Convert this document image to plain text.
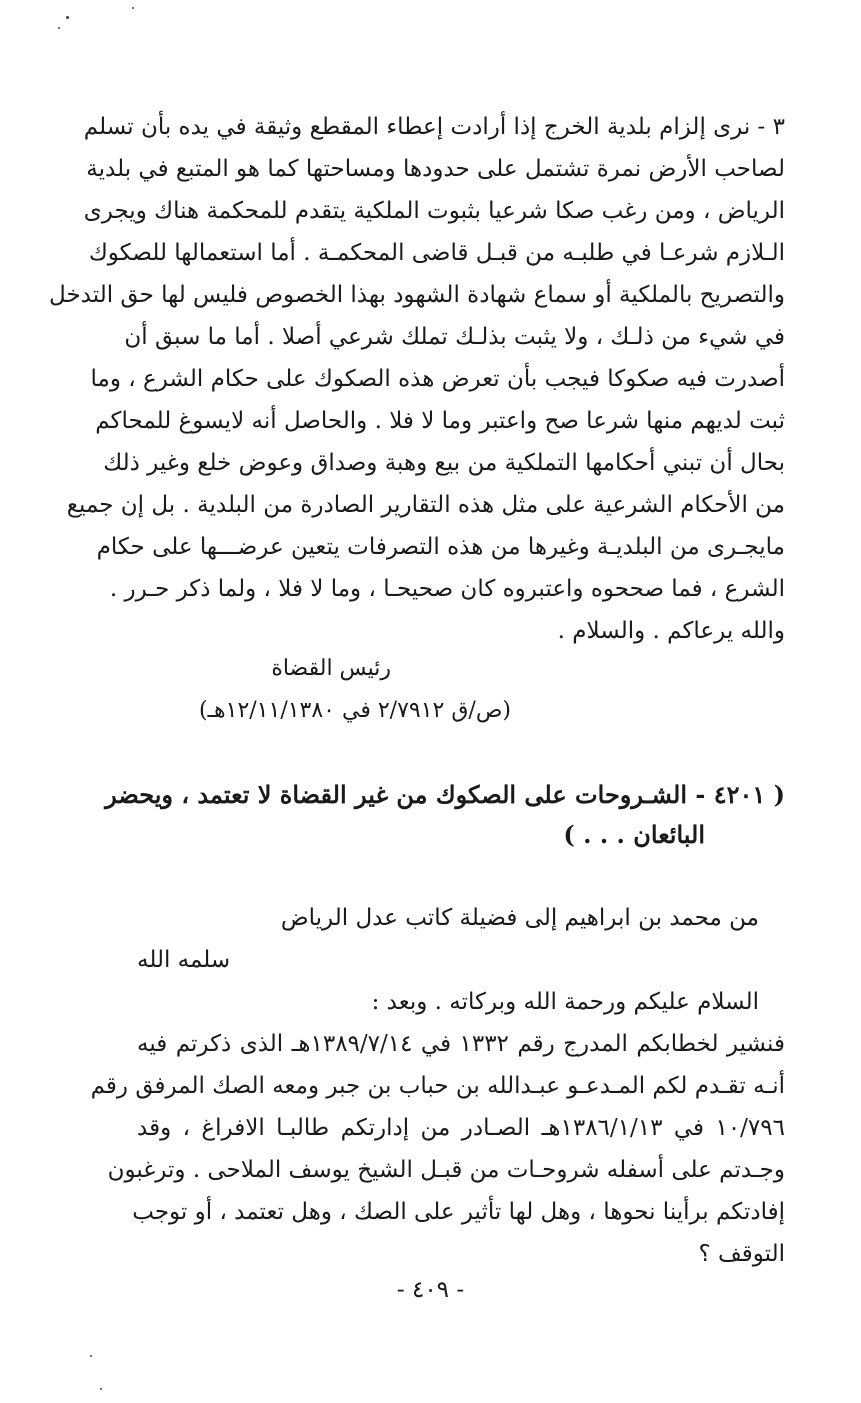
٣ - نرى إلزام بلدية الخرج إذا أرادت إعطاء المقطع وثيقة في يده بأن تسلم
لصاحب الأرض نمرة تشتمل على حدودها ومساحتها كما هو المتبع في بلدية
الرياض ، ومن رغب صكا شرعيا بثبوت الملكية يتقدم للمحكمة هناك ويجرى
الـلازم شرعـا في طلبـه من قبـل قاضى المحكمـة . أما استعمالها للصكوك
والتصريح بالملكية أو سماع شهادة الشهود بهذا الخصوص فليس لها حق التدخل
في شيء من ذلـك ، ولا يثبت بذلـك تملك شرعي أصلا . أما ما سبق أن
أصدرت فيه صكوكا فيجب بأن تعرض هذه الصكوك على حكام الشرع ، وما
ثبت لديهم منها شرعا صح واعتبر وما لا فلا . والحاصل أنه لايسوغ للمحاكم
بحال أن تبني أحكامها التملكية من بيع وهبة وصداق وعوض خلع وغير ذلك
من الأحكام الشرعية على مثل هذه التقارير الصادرة من البلدية . بل إن جميع
مايجـرى من البلديـة وغيرها من هذه التصرفات يتعين عرضـــها على حكام
الشرع ، فما صححوه واعتبروه كان صحيحـا ، وما لا فلا ، ولما ذكر حـرر .
والله يرعاكم . والسلام .
رئيس القضاة
(ص/ق ٢/٧٩١٢ في ١٢/١١/١٣٨٠هـ)
( ٤٢٠١ - الشـروحات على الصكوك من غير القضاة لا تعتمد ، ويحضر
البائعان . . . )
من محمد بن ابراهيم إلى فضيلة كاتب عدل الرياض
سلمه الله
السلام عليكم ورحمة الله وبركاته . وبعد :
فنشير لخطابكم المدرج رقم ١٣٣٢ في ١٣٨٩/٧/١٤هـ الذى ذكرتم فيه
أنـه تقـدم لكم المـدعـو عبـدالله بن حباب بن جبر ومعه الصك المرفق رقم
١٠/٧٩٦ في ١٣٨٦/١/١٣هـ الصـادر من إدارتكم طالبـا الافراغ ، وقد
وجـدتم على أسفله شروحـات من قبـل الشيخ يوسف الملاحى . وترغبون
إفادتكم برأينا نحوها ، وهل لها تأثير على الصك ، وهل تعتمد ، أو توجب
التوقف ؟
- ٤٠٩ -
